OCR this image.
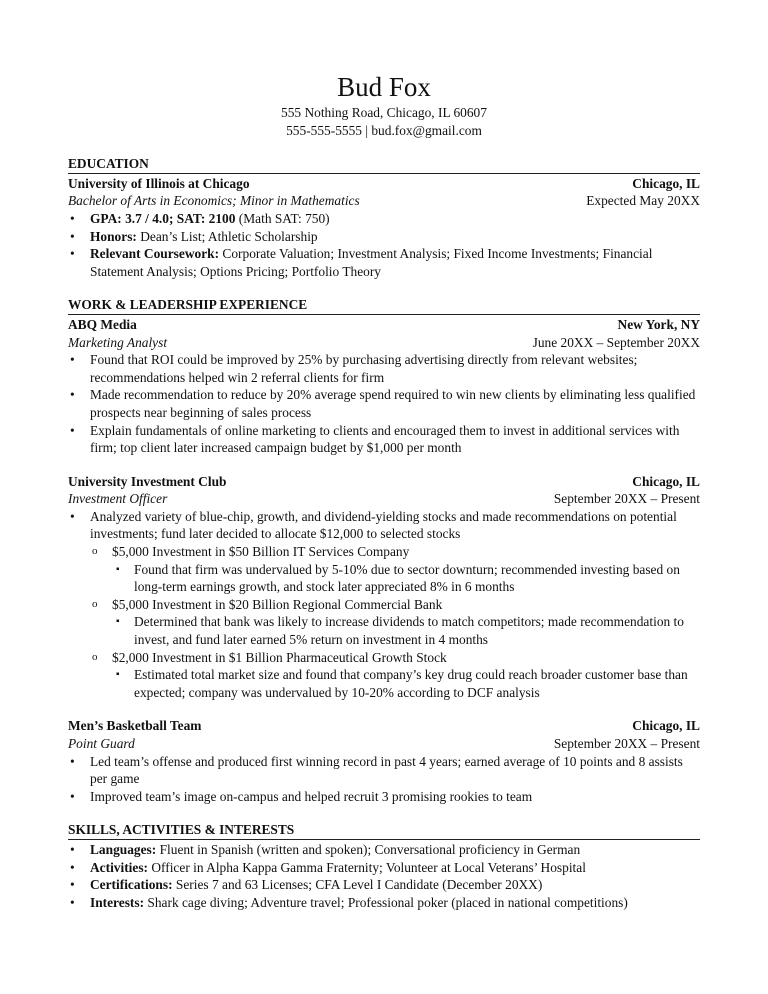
Bud Fox
555 Nothing Road, Chicago, IL 60607
555-555-5555 | bud.fox@gmail.com
EDUCATION
University of Illinois at Chicago	Chicago, IL
Bachelor of Arts in Economics; Minor in Mathematics	Expected May 20XX
• GPA: 3.7 / 4.0; SAT: 2100 (Math SAT: 750)
• Honors: Dean’s List; Athletic Scholarship
• Relevant Coursework: Corporate Valuation; Investment Analysis; Fixed Income Investments; Financial Statement Analysis; Options Pricing; Portfolio Theory
WORK & LEADERSHIP EXPERIENCE
ABQ Media	New York, NY
Marketing Analyst	June 20XX – September 20XX
• Found that ROI could be improved by 25% by purchasing advertising directly from relevant websites; recommendations helped win 2 referral clients for firm
• Made recommendation to reduce by 20% average spend required to win new clients by eliminating less qualified prospects near beginning of sales process
• Explain fundamentals of online marketing to clients and encouraged them to invest in additional services with firm; top client later increased campaign budget by $1,000 per month
University Investment Club	Chicago, IL
Investment Officer	September 20XX – Present
• Analyzed variety of blue-chip, growth, and dividend-yielding stocks and made recommendations on potential investments; fund later decided to allocate $12,000 to selected stocks
o $5,000 Investment in $50 Billion IT Services Company
▪ Found that firm was undervalued by 5-10% due to sector downturn; recommended investing based on long-term earnings growth, and stock later appreciated 8% in 6 months
o $5,000 Investment in $20 Billion Regional Commercial Bank
▪ Determined that bank was likely to increase dividends to match competitors; made recommendation to invest, and fund later earned 5% return on investment in 4 months
o $2,000 Investment in $1 Billion Pharmaceutical Growth Stock
▪ Estimated total market size and found that company’s key drug could reach broader customer base than expected; company was undervalued by 10-20% according to DCF analysis
Men’s Basketball Team	Chicago, IL
Point Guard	September 20XX – Present
• Led team’s offense and produced first winning record in past 4 years; earned average of 10 points and 8 assists per game
• Improved team’s image on-campus and helped recruit 3 promising rookies to team
SKILLS, ACTIVITIES & INTERESTS
• Languages: Fluent in Spanish (written and spoken); Conversational proficiency in German
• Activities: Officer in Alpha Kappa Gamma Fraternity; Volunteer at Local Veterans’ Hospital
• Certifications: Series 7 and 63 Licenses; CFA Level I Candidate (December 20XX)
• Interests: Shark cage diving; Adventure travel; Professional poker (placed in national competitions)
